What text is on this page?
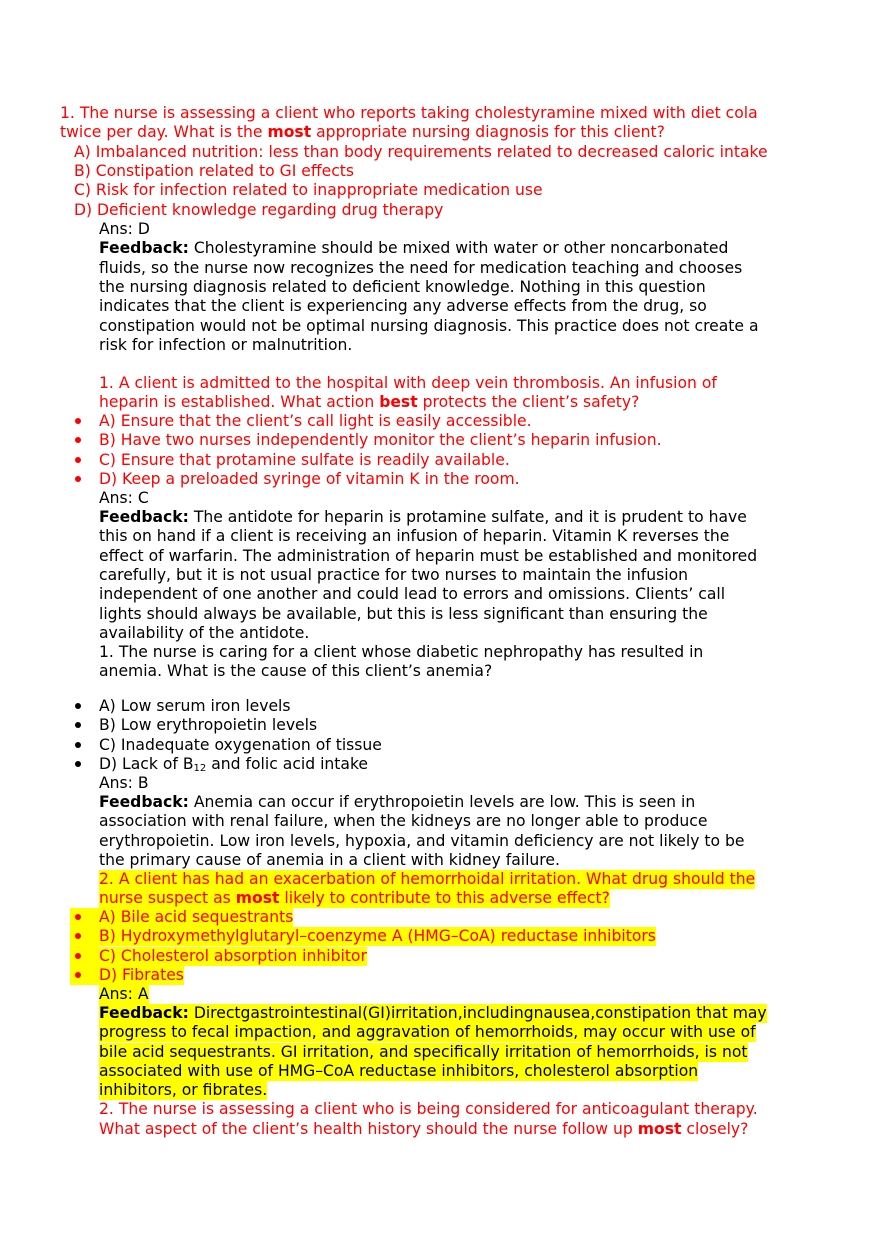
1. The nurse is assessing a client who reports taking cholestyramine mixed with diet cola
twice per day. What is the most appropriate nursing diagnosis for this client?
A) Imbalanced nutrition: less than body requirements related to decreased caloric intake
B) Constipation related to GI effects
C) Risk for infection related to inappropriate medication use
D) Deficient knowledge regarding drug therapy
Ans: D
Feedback: Cholestyramine should be mixed with water or other noncarbonated
fluids, so the nurse now recognizes the need for medication teaching and chooses
the nursing diagnosis related to deficient knowledge. Nothing in this question
indicates that the client is experiencing any adverse effects from the drug, so
constipation would not be optimal nursing diagnosis. This practice does not create a
risk for infection or malnutrition.
1. A client is admitted to the hospital with deep vein thrombosis. An infusion of
heparin is established. What action best protects the client’s safety?
A) Ensure that the client’s call light is easily accessible.
B) Have two nurses independently monitor the client’s heparin infusion.
C) Ensure that protamine sulfate is readily available.
D) Keep a preloaded syringe of vitamin K in the room.
Ans: C
Feedback: The antidote for heparin is protamine sulfate, and it is prudent to have
this on hand if a client is receiving an infusion of heparin. Vitamin K reverses the
effect of warfarin. The administration of heparin must be established and monitored
carefully, but it is not usual practice for two nurses to maintain the infusion
independent of one another and could lead to errors and omissions. Clients’ call
lights should always be available, but this is less significant than ensuring the
availability of the antidote.
1. The nurse is caring for a client whose diabetic nephropathy has resulted in
anemia. What is the cause of this client’s anemia?
A) Low serum iron levels
B) Low erythropoietin levels
C) Inadequate oxygenation of tissue
D) Lack of $B_{12}$ and folic acid intake
Ans: B
Feedback: Anemia can occur if erythropoietin levels are low. This is seen in
association with renal failure, when the kidneys are no longer able to produce
erythropoietin. Low iron levels, hypoxia, and vitamin deficiency are not likely to be
the primary cause of anemia in a client with kidney failure.
2. A client has had an exacerbation of hemorrhoidal irritation. What drug should the
nurse suspect as most likely to contribute to this adverse effect?
A) Bile acid sequestrants
B) Hydroxymethylglutaryl–coenzyme A (HMG–CoA) reductase inhibitors
C) Cholesterol absorption inhibitor
D) Fibrates
Ans: A
Feedback: Directgastrointestinal(GI)irritation,includingnausea,constipation that may
progress to fecal impaction, and aggravation of hemorrhoids, may occur with use of
bile acid sequestrants. GI irritation, and specifically irritation of hemorrhoids, is not
associated with use of HMG–CoA reductase inhibitors, cholesterol absorption
inhibitors, or fibrates.
2. The nurse is assessing a client who is being considered for anticoagulant therapy.
What aspect of the client’s health history should the nurse follow up most closely?
